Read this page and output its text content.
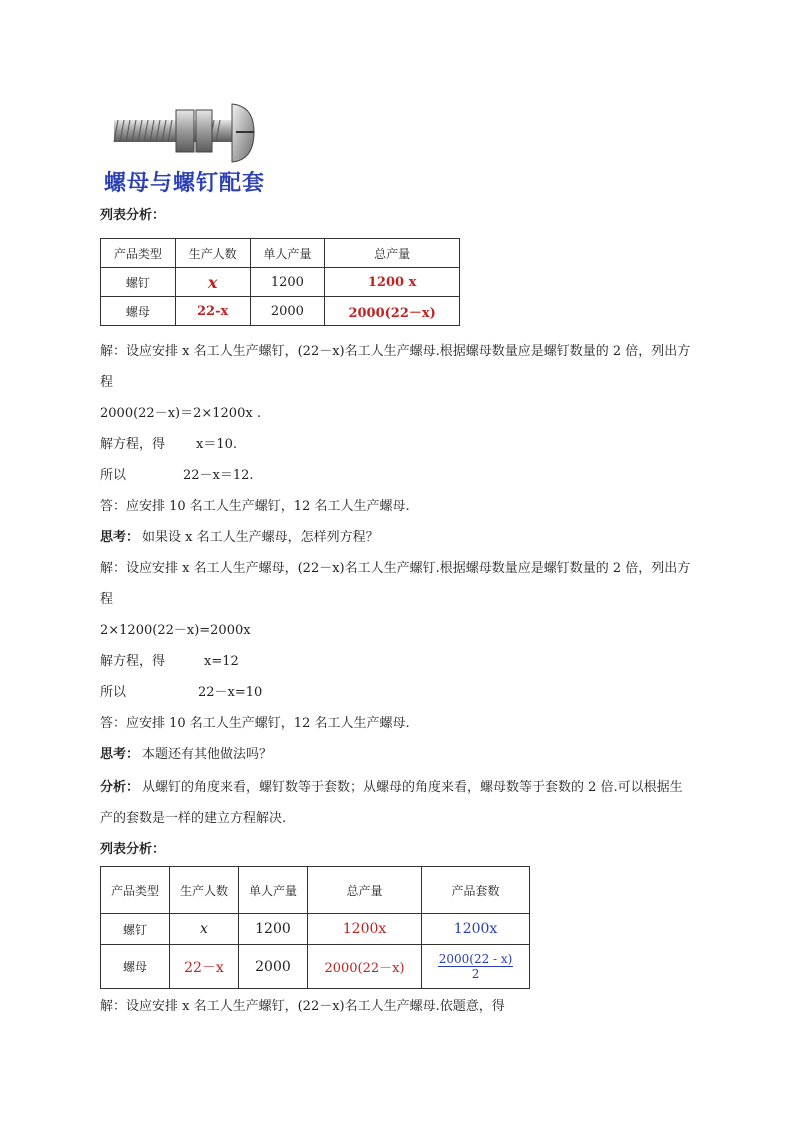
螺母与螺钉配套
列表分析：
产品类型	生产人数	单人产量	总产量
螺钉	x	1200	1200 x
螺母	22-x	2000	2000(22－x)
解：设应安排 x 名工人生产螺钉，(22－x)名工人生产螺母.根据螺母数量应是螺钉数量的 2 倍，列出方
程
2000(22－x)＝2×1200x .
解方程，得 x＝10.
所以	22－x＝12.
答：应安排 10 名工人生产螺钉，12 名工人生产螺母.
思考： 如果设 x 名工人生产螺母，怎样列方程？
解：设应安排 x 名工人生产螺母，(22－x)名工人生产螺钉.根据螺母数量应是螺钉数量的 2 倍，列出方
程
2×1200(22－x)=2000x
解方程，得	x=12
所以	22－x=10
答：应安排 10 名工人生产螺钉，12 名工人生产螺母.
思考： 本题还有其他做法吗？
分析： 从螺钉的角度来看，螺钉数等于套数；从螺母的角度来看，螺母数等于套数的 2 倍.可以根据生
产的套数是一样的建立方程解决.
列表分析：
产品类型	生产人数	单人产量	总产量	产品套数
螺钉	x	1200	1200x	1200x
螺母	22－x	2000	2000(22－x)	$\frac{2000(22 - x)}{2}$
解：设应安排 x 名工人生产螺钉，(22－x)名工人生产螺母.依题意，得
